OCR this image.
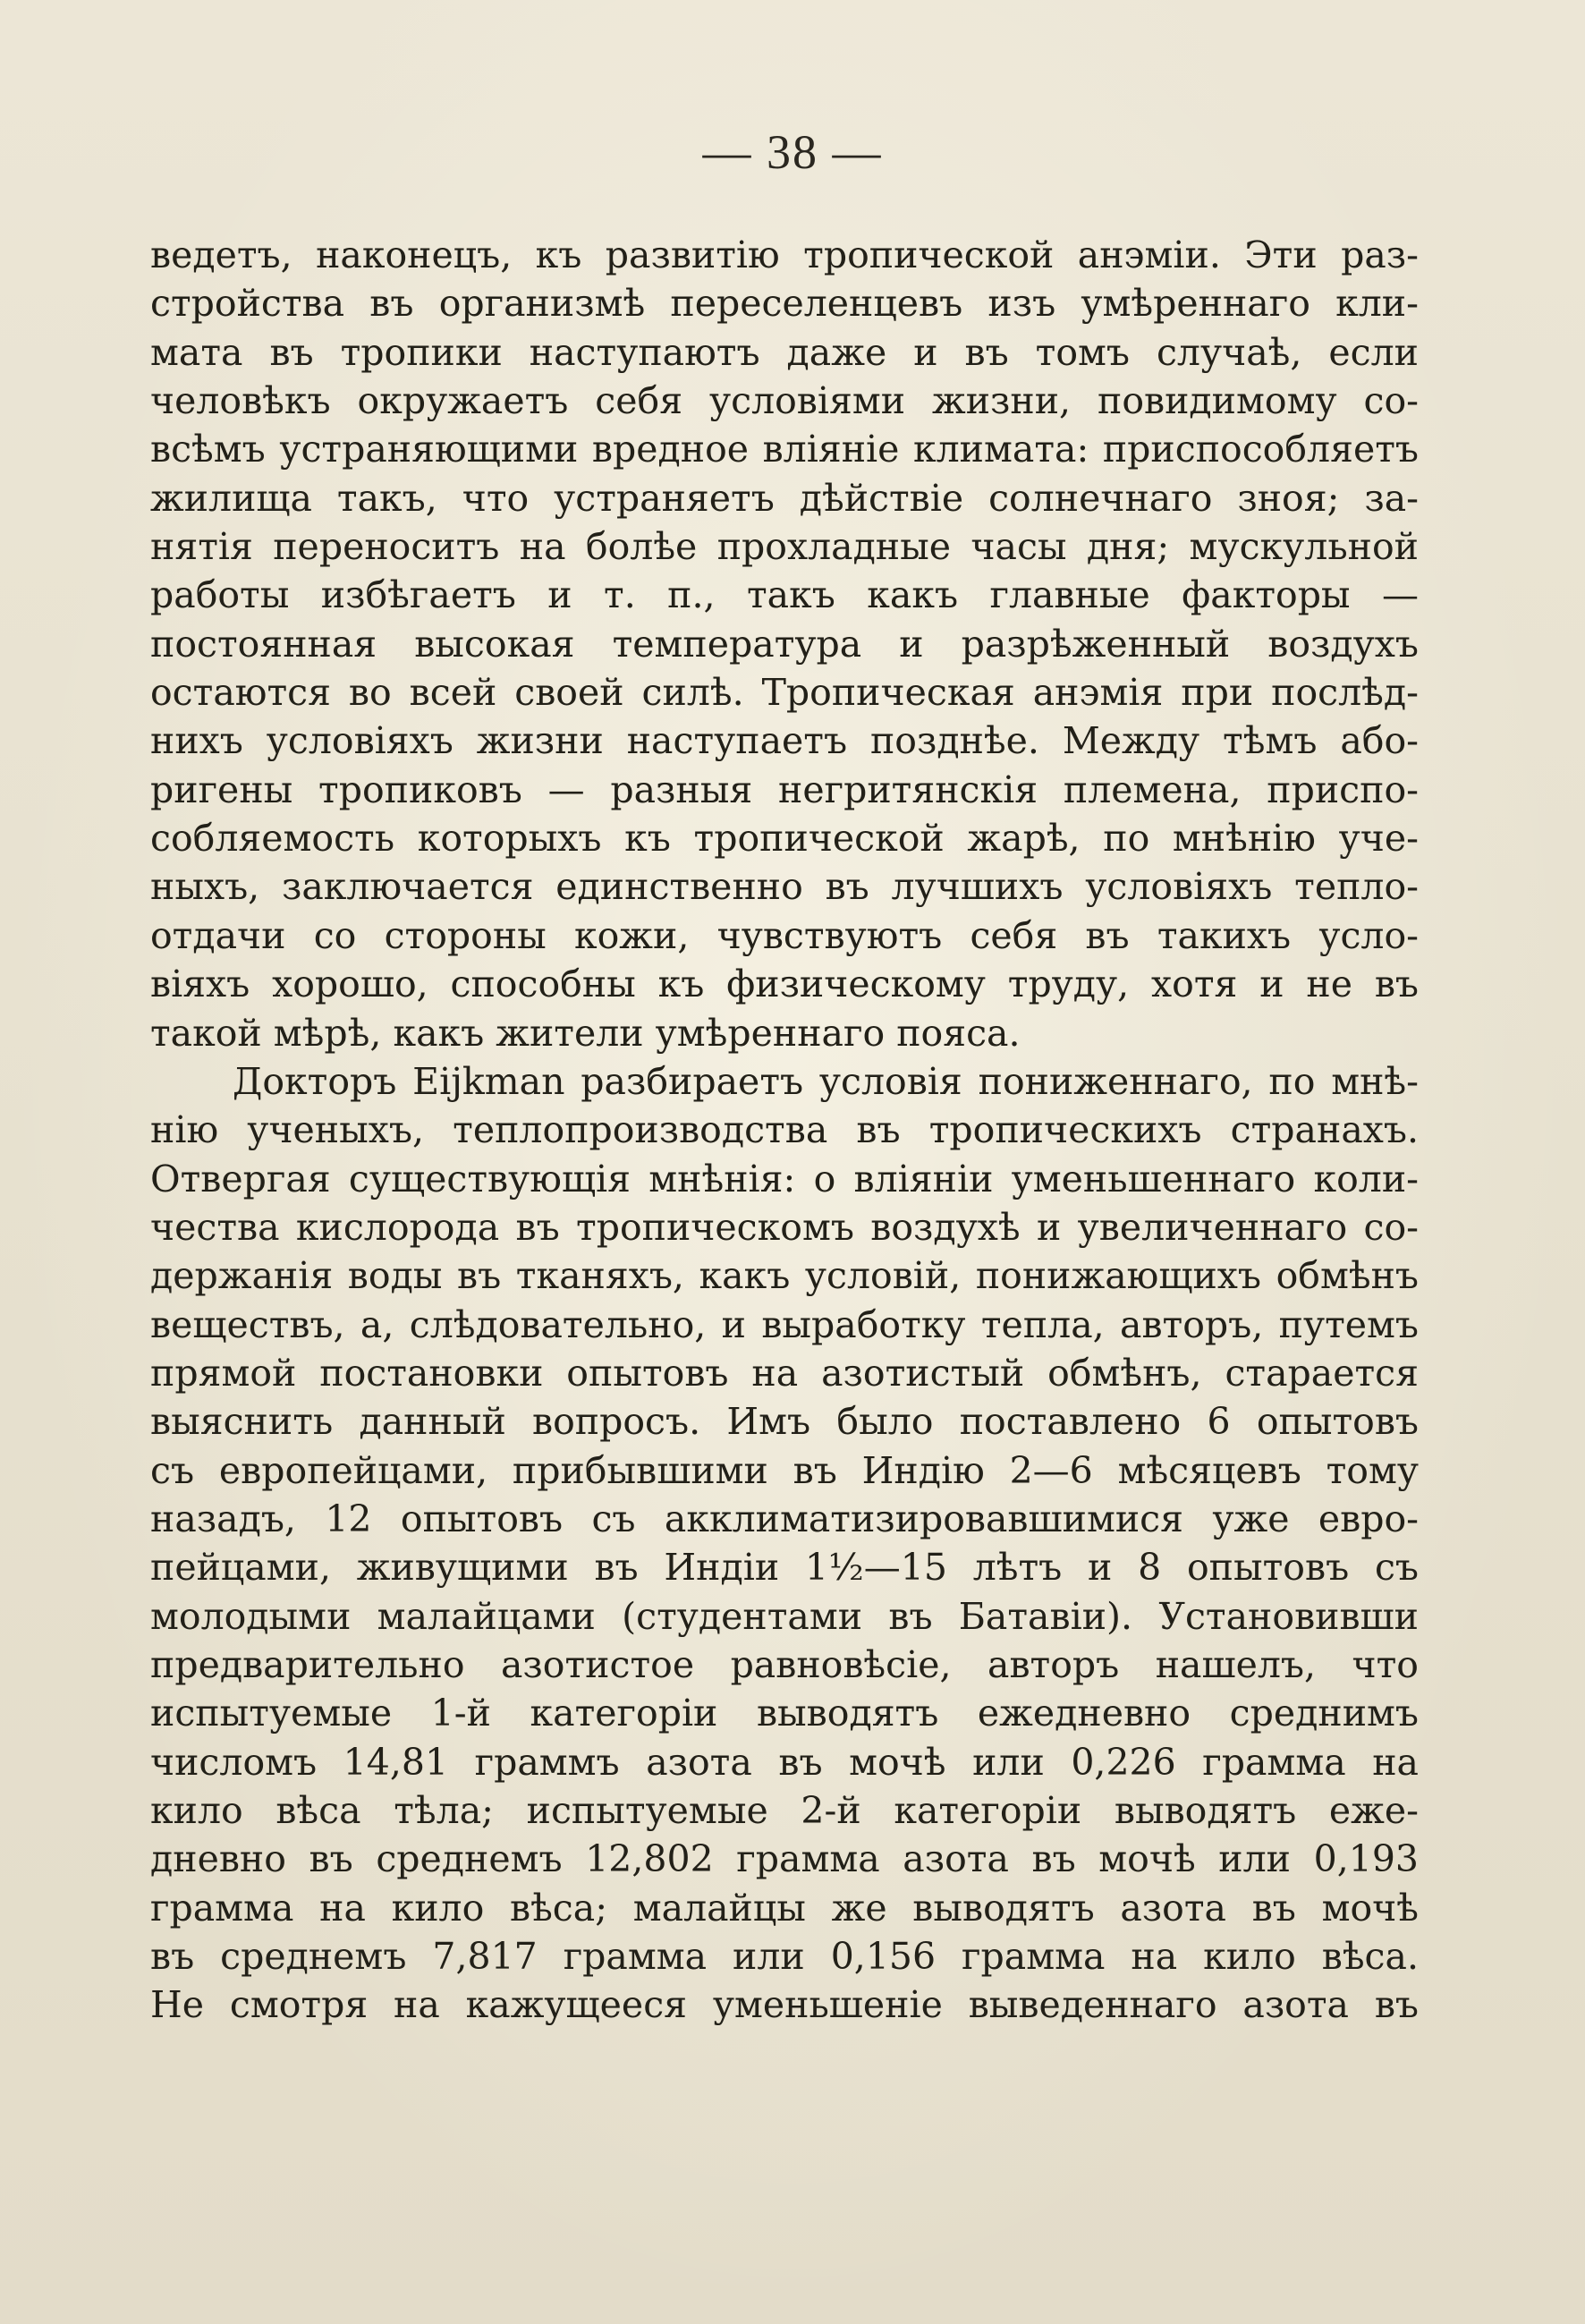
— 38 —
ведетъ, наконецъ, къ развитію тропической анэміи. Эти раз-
стройства въ организмѣ переселенцевъ изъ умѣреннаго кли-
мата въ тропики наступаютъ даже и въ томъ случаѣ, если
человѣкъ окружаетъ себя условіями жизни, повидимому со-
всѣмъ устраняющими вредное вліяніе климата: приспособляетъ
жилища такъ, что устраняетъ дѣйствіе солнечнаго зноя; за-
нятія переноситъ на болѣе прохладные часы дня; мускульной
работы избѣгаетъ и т. п., такъ какъ главные факторы —
постоянная высокая температура и разрѣженный воздухъ
остаются во всей своей силѣ. Тропическая анэмія при послѣд-
нихъ условіяхъ жизни наступаетъ позднѣе. Между тѣмъ або-
ригены тропиковъ — разныя негритянскія племена, приспо-
собляемость которыхъ къ тропической жарѣ, по мнѣнію уче-
ныхъ, заключается единственно въ лучшихъ условіяхъ тепло-
отдачи со стороны кожи, чувствуютъ себя въ такихъ усло-
віяхъ хорошо, способны къ физическому труду, хотя и не въ
такой мѣрѣ, какъ жители умѣреннаго пояса.
Докторъ Eijkman разбираетъ условія пониженнаго, по мнѣ-
нію ученыхъ, теплопроизводства въ тропическихъ странахъ.
Отвергая существующія мнѣнія: о вліяніи уменьшеннаго коли-
чества кислорода въ тропическомъ воздухѣ и увеличеннаго со-
держанія воды въ тканяхъ, какъ условій, понижающихъ обмѣнъ
веществъ, а, слѣдовательно, и выработку тепла, авторъ, путемъ
прямой постановки опытовъ на азотистый обмѣнъ, старается
выяснить данный вопросъ. Имъ было поставлено 6 опытовъ
съ европейцами, прибывшими въ Индію 2—6 мѣсяцевъ тому
назадъ, 12 опытовъ съ акклиматизировавшимися уже евро-
пейцами, живущими въ Индіи 1½—15 лѣтъ и 8 опытовъ съ
молодыми малайцами (студентами въ Батавіи). Установивши
предварительно азотистое равновѣсіе, авторъ нашелъ, что
испытуемые 1-й категоріи выводятъ ежедневно среднимъ
числомъ 14,81 граммъ азота въ мочѣ или 0,226 грамма на
кило вѣса тѣла; испытуемые 2-й категоріи выводятъ еже-
дневно въ среднемъ 12,802 грамма азота въ мочѣ или 0,193
грамма на кило вѣса; малайцы же выводятъ азота въ мочѣ
въ среднемъ 7,817 грамма или 0,156 грамма на кило вѣса.
Не смотря на кажущееся уменьшеніе выведеннаго азота въ
